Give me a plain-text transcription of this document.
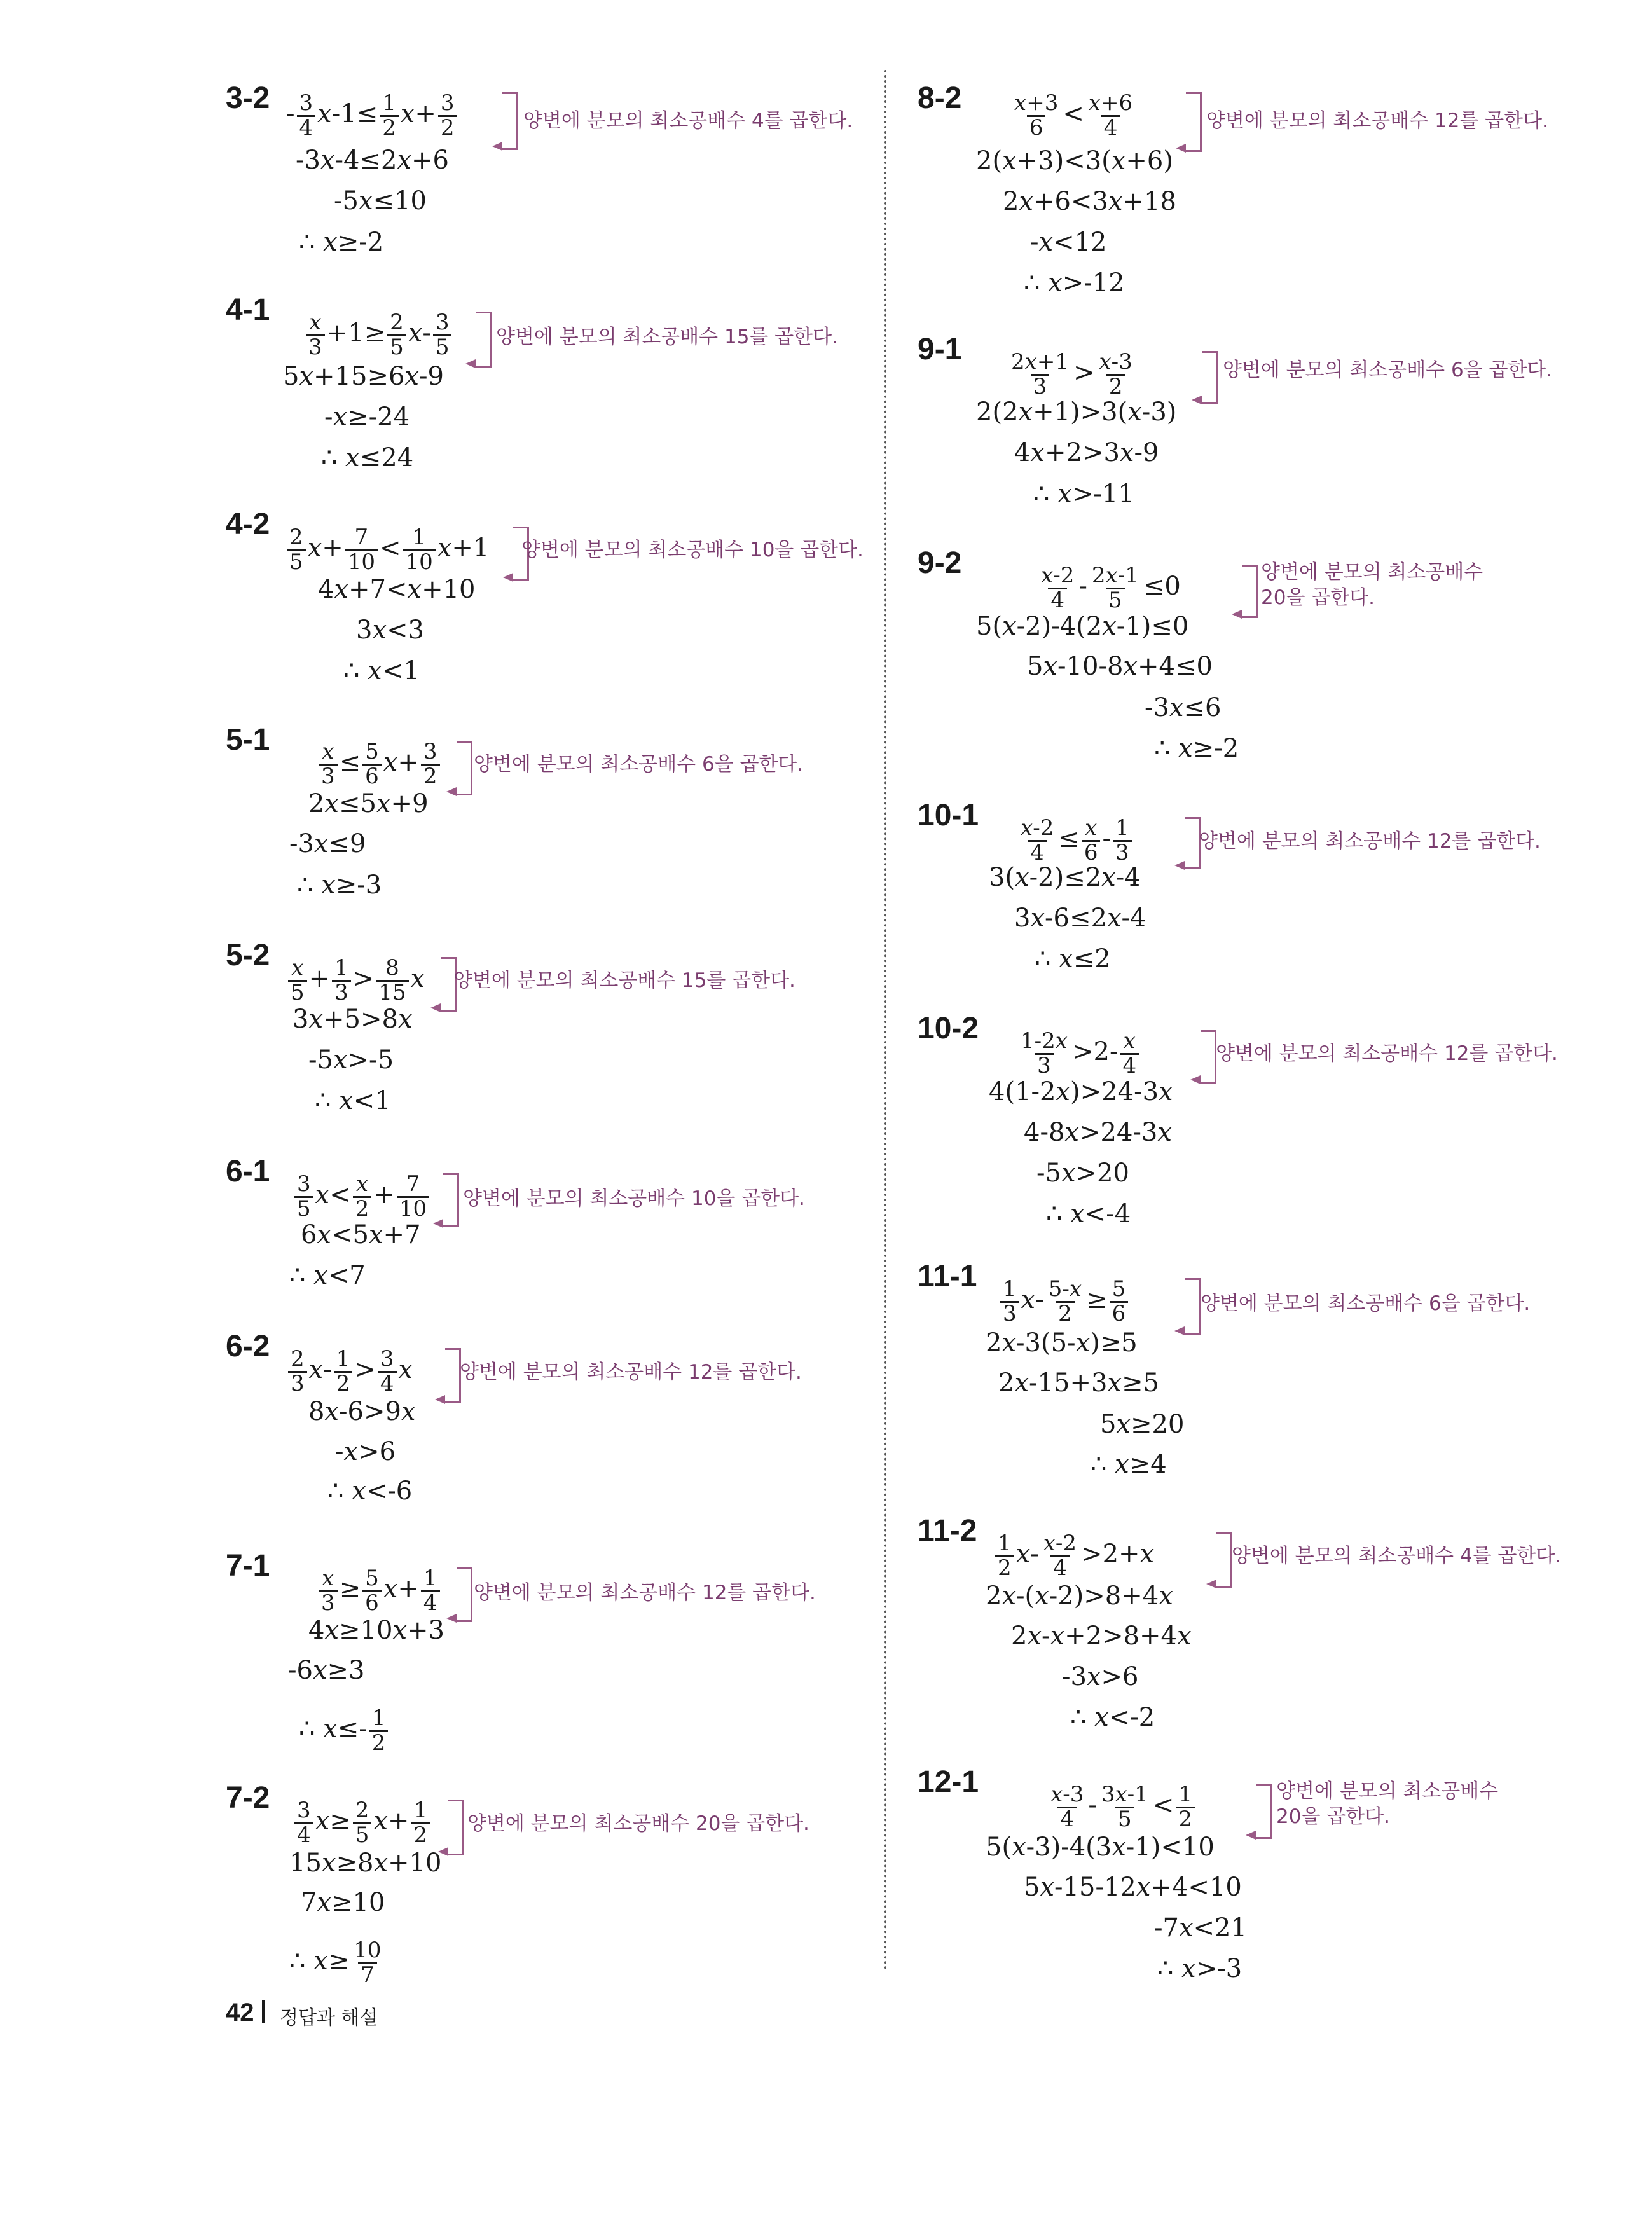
$3-2 - \frac{3}{4} x-1\le \frac{1}{2} x+ \frac{3}{2}$
-3x-4≤2x+6
-5x≤10
∴ x≥-2
양변에 분모의 최소공배수 4를 곱한다.
4-1
$\frac{x}{3} +1\ge \frac{2}{5} x- \frac{3}{5}$
5x+15≥6x-9
-x≥-24
∴ x≤24
양변에 분모의 최소공배수 15를 곱한다.
4-2
$\frac{2}{5} x+ \frac{7}{10} < \frac{1}{10} x+1$
4x+7<x+10
3x<3
∴ x<1
양변에 분모의 최소공배수 10을 곱한다.
5-1
$\frac{x}{3} \le \frac{5}{6} x+ \frac{3}{2}$
2x≤5x+9
-3x≤9
∴ x≥-3
양변에 분모의 최소공배수 6을 곱한다.
5-2
$\frac{x}{5} + \frac{1}{3} > \frac{8}{15}$ x
3x+5>8x
-5x>-5
∴ x<1
양변에 분모의 최소공배수 15를 곱한다.
6-1
$\frac{3}{5} x< \frac{x}{2} + \frac{7}{10}$
6x<5x+7
∴ x<7
양변에 분모의 최소공배수 10을 곱한다.
6-2
$\frac{2}{3} x- \frac{1}{2} > \frac{3}{4}$ x
8x-6>9x
-x>6
∴ x<-6
양변에 분모의 최소공배수 12를 곱한다.
7-1
$\frac{x}{3} \ge \frac{5}{6} x+ \frac{1}{4}$
4x≥10x+3
-6x≥3
∴ $x\le- \frac{1}{2}$
양변에 분모의 최소공배수 12를 곱한다.
7-2
$\frac{3}{4} x\ge \frac{2}{5} x+ \frac{1}{2}$
15x≥8x+10
7x≥10
∴ $x\ge \frac{10}{7}$
양변에 분모의 최소공배수 20을 곱한다.
$8-2 \frac{x+3}{6} < \frac{x+6}{4}$
2(x+3)<3(x+6)
2x+6<3x+18
-x<12
∴ x>-12
양변에 분모의 최소공배수 12를 곱한다.
9-1
$\frac{2x+1}{3} > \frac{x-3}{2}$
2(2x+1)>3(x-3)
4x+2>3x-9
∴ x>-11
양변에 분모의 최소공배수 6을 곱한다.
9-2
$\frac{x-2}{4} - \frac{2x-1}{5} \le 0$
5(x-2)-4(2x-1)≤0
5x-10-8x+4≤0
-3x≤6
∴ x≥-2
양변에 분모의 최소공배수
20을 곱한다.
10-1
$\frac{x-2}{4} \le \frac{x}{6} - \frac{1}{3}$
3(x-2)≤2x-4
3x-6≤2x-4
∴ x≤2
양변에 분모의 최소공배수 12를 곱한다.
10-2
$\frac{1-2x}{3} >2- \frac{x}{4}$
4(1-2x)>24-3x
4-8x>24-3x
-5x>20
∴ x<-4
양변에 분모의 최소공배수 12를 곱한다.
11-1
$\frac{1}{3} x- \frac{5-x}{2} \ge \frac{5}{6}$
2x-3(5-x)≥5
2x-15+3x≥5
5x≥20
∴ x≥4
양변에 분모의 최소공배수 6을 곱한다.
11-2
$\frac{1}{2} x- \frac{x-2}{4} >2+x$
2x-(x-2)>8+4x
2x-x+2>8+4x
-3x>6
∴ x<-2
양변에 분모의 최소공배수 4를 곱한다.
12-1
$\frac{x-3}{4} - \frac{3x-1}{5} < \frac{1}{2}$
5(x-3)-4(3x-1)<10
5x-15-12x+4<10
-7x<21
∴ x>-3
양변에 분모의 최소공배수
20을 곱한다.
42 정답과 해설
